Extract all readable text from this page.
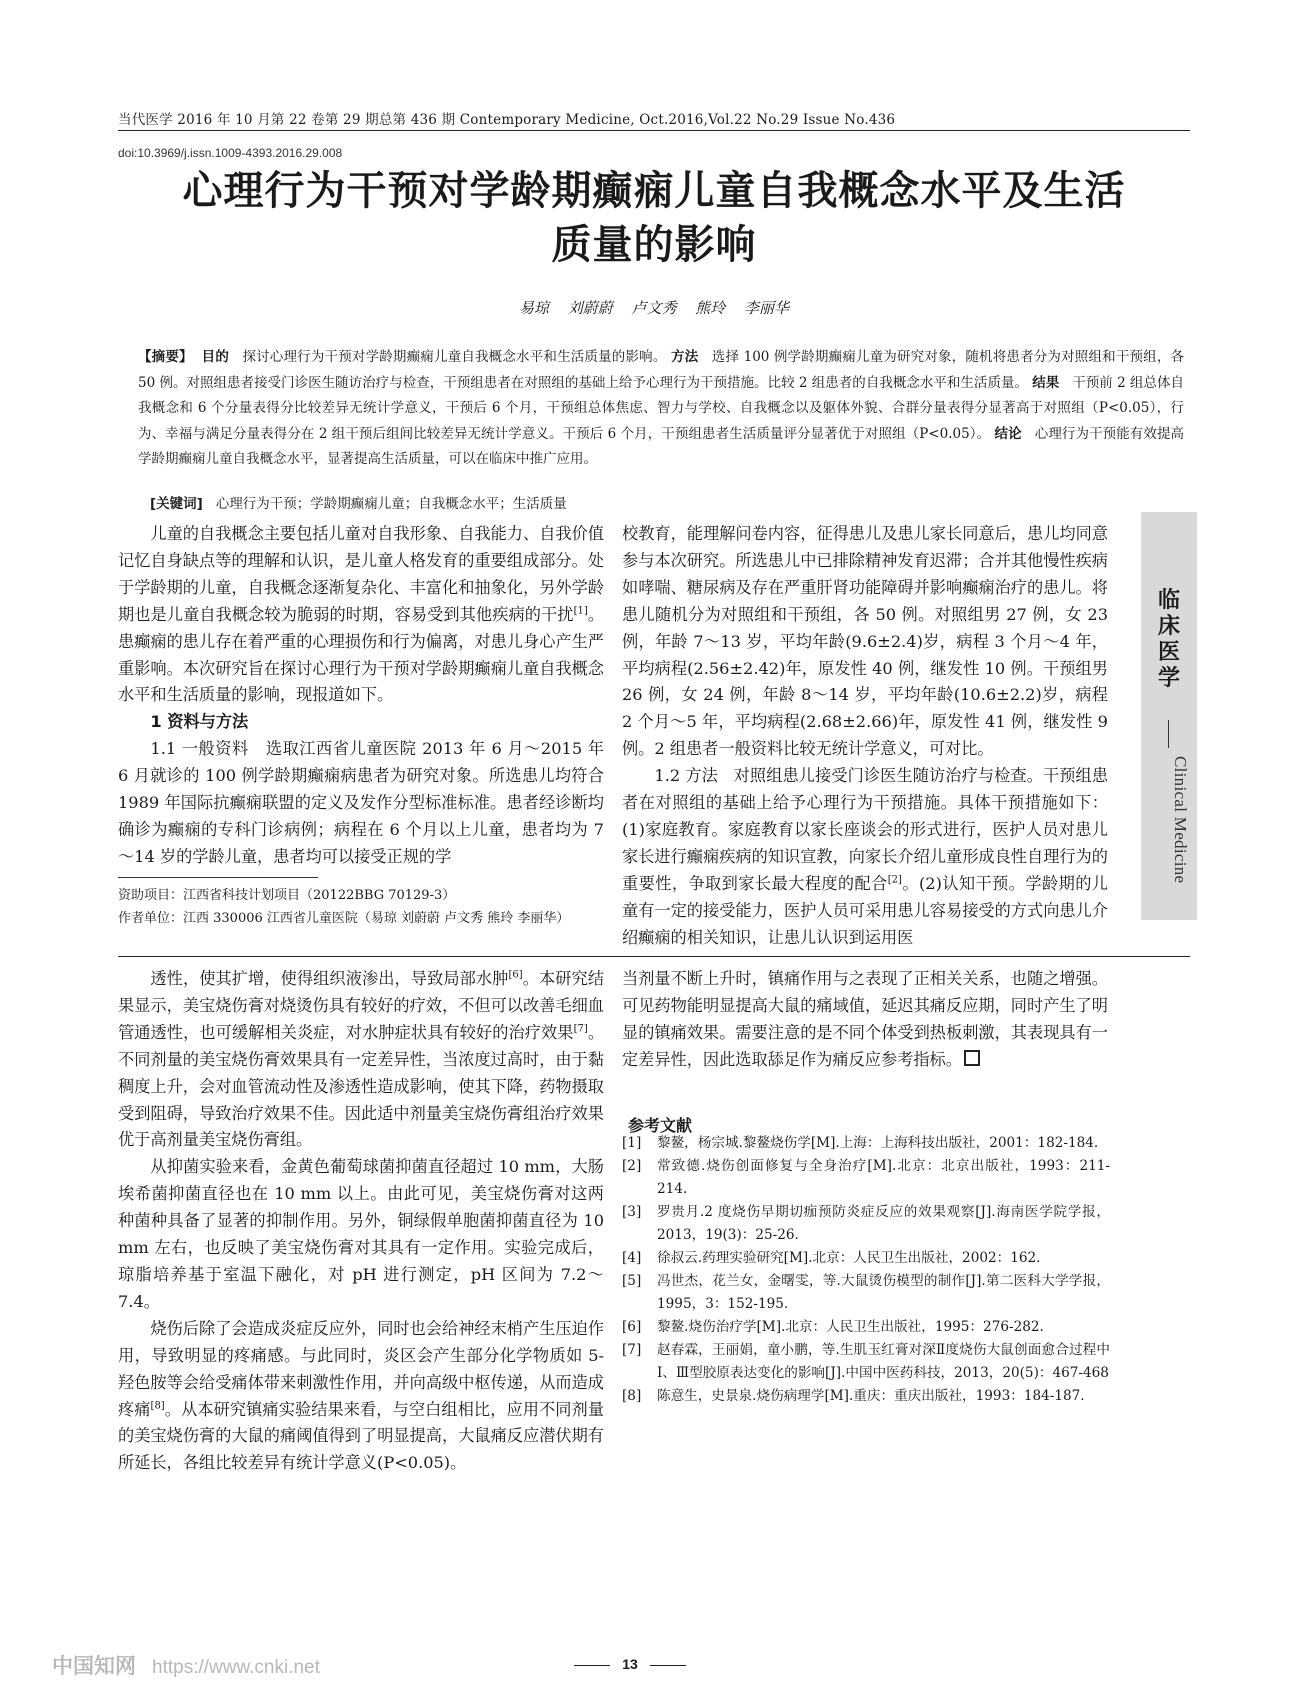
当代医学 2016 年 10 月第 22 卷第 29 期总第 436 期 Contemporary Medicine, Oct.2016,Vol.22 No.29 Issue No.436
doi:10.3969/j.issn.1009-4393.2016.29.008
心理行为干预对学龄期癫痫儿童自我概念水平及生活
质量的影响
易琼 刘蔚蔚 卢文秀 熊玲 李丽华
【摘要】 目的 探讨心理行为干预对学龄期癫痫儿童自我概念水平和生活质量的影响。 方法 选择 100 例学龄期癫痫儿童为研究对象，随机将患者分为对照组和干预组，各 50 例。对照组患者接受门诊医生随访治疗与检查，干预组患者在对照组的基础上给予心理行为干预措施。比较 2 组患者的自我概念水平和生活质量。 结果 干预前 2 组总体自我概念和 6 个分量表得分比较差异无统计学意义，干预后 6 个月，干预组总体焦虑、智力与学校、自我概念以及躯体外貌、合群分量表得分显著高于对照组（P<0.05），行为、幸福与满足分量表得分在 2 组干预后组间比较差异无统计学意义。干预后 6 个月，干预组患者生活质量评分显著优于对照组（P<0.05）。 结论 心理行为干预能有效提高学龄期癫痫儿童自我概念水平，显著提高生活质量，可以在临床中推广应用。
[关键词] 心理行为干预；学龄期癫痫儿童；自我概念水平；生活质量

儿童的自我概念主要包括儿童对自我形象、自我能力、自我价值记忆自身缺点等的理解和认识，是儿童人格发育的重要组成部分。处于学龄期的儿童，自我概念逐渐复杂化、丰富化和抽象化，另外学龄期也是儿童自我概念较为脆弱的时期，容易受到其他疾病的干扰[1]。患癫痫的患儿存在着严重的心理损伤和行为偏离，对患儿身心产生严重影响。本次研究旨在探讨心理行为干预对学龄期癫痫儿童自我概念水平和生活质量的影响，现报道如下。

1 资料与方法

1.1 一般资料 选取江西省儿童医院 2013 年 6 月～2015 年 6 月就诊的 100 例学龄期癫痫病患者为研究对象。所选患儿均符合 1989 年国际抗癫痫联盟的定义及发作分型标准标准。患者经诊断均确诊为癫痫的专科门诊病例；病程在 6 个月以上儿童，患者均为 7～14 岁的学龄儿童，患者均可以接受正规的学

校教育，能理解问卷内容，征得患儿及患儿家长同意后，患儿均同意参与本次研究。所选患儿中已排除精神发育迟滞；合并其他慢性疾病如哮喘、糖尿病及存在严重肝肾功能障碍并影响癫痫治疗的患儿。将患儿随机分为对照组和干预组，各 50 例。对照组男 27 例，女 23 例，年龄 7～13 岁，平均年龄(9.6±2.4)岁，病程 3 个月～4 年，平均病程(2.56±2.42)年，原发性 40 例，继发性 10 例。干预组男 26 例，女 24 例，年龄 8～14 岁，平均年龄(10.6±2.2)岁，病程 2 个月～5 年，平均病程(2.68±2.66)年，原发性 41 例，继发性 9 例。2 组患者一般资料比较无统计学意义，可对比。

1.2 方法 对照组患儿接受门诊医生随访治疗与检查。干预组患者在对照组的基础上给予心理行为干预措施。具体干预措施如下：(1)家庭教育。家庭教育以家长座谈会的形式进行，医护人员对患儿家长进行癫痫疾病的知识宣教，向家长介绍儿童形成良性自理行为的重要性，争取到家长最大程度的配合[2]。(2)认知干预。学龄期的儿童有一定的接受能力，医护人员可采用患儿容易接受的方式向患儿介绍癫痫的相关知识，让患儿认识到运用医

资助项目：江西省科技计划项目（20122BBG 70129-3）

作者单位：江西 330006 江西省儿童医院（易琼 刘蔚蔚 卢文秀 熊玲 李丽华）

临床医学
Clinical Medicine

透性，使其扩增，使得组织液渗出，导致局部水肿[6]。本研究结果显示，美宝烧伤膏对烧烫伤具有较好的疗效，不但可以改善毛细血管通透性，也可缓解相关炎症，对水肿症状具有较好的治疗效果[7]。不同剂量的美宝烧伤膏效果具有一定差异性，当浓度过高时，由于黏稠度上升，会对血管流动性及渗透性造成影响，使其下降，药物摄取受到阻碍，导致治疗效果不佳。因此适中剂量美宝烧伤膏组治疗效果优于高剂量美宝烧伤膏组。

从抑菌实验来看，金黄色葡萄球菌抑菌直径超过 10 mm，大肠埃希菌抑菌直径也在 10 mm 以上。由此可见，美宝烧伤膏对这两种菌种具备了显著的抑制作用。另外，铜绿假单胞菌抑菌直径为 10 mm 左右，也反映了美宝烧伤膏对其具有一定作用。实验完成后，琼脂培养基于室温下融化，对 pH 进行测定，pH 区间为 7.2～7.4。

烧伤后除了会造成炎症反应外，同时也会给神经末梢产生压迫作用，导致明显的疼痛感。与此同时，炎区会产生部分化学物质如 5-羟色胺等会给受痛体带来刺激性作用，并向高级中枢传递，从而造成疼痛[8]。从本研究镇痛实验结果来看，与空白组相比，应用不同剂量的美宝烧伤膏的大鼠的痛阈值得到了明显提高，大鼠痛反应潜伏期有所延长，各组比较差异有统计学意义(P<0.05)。

当剂量不断上升时，镇痛作用与之表现了正相关关系，也随之增强。可见药物能明显提高大鼠的痛域值，延迟其痛反应期，同时产生了明显的镇痛效果。需要注意的是不同个体受到热板刺激，其表现具有一定差异性，因此选取舔足作为痛反应参考指标。

参考文献
[1]	黎鳌，杨宗城.黎鳌烧伤学[M].上海：上海科技出版社，2001：182-184.
[2]	常致德.烧伤创面修复与全身治疗[M].北京：北京出版社，1993：211-214.
[3]	罗贵月.2 度烧伤早期切痂预防炎症反应的效果观察[J].海南医学院学报，2013，19(3)：25-26.
[4]	徐叔云.药理实验研究[M].北京：人民卫生出版社，2002：162.
[5]	冯世杰，花兰女，金曙雯，等.大鼠烫伤模型的制作[J].第二医科大学学报，1995，3：152-195.
[6]	黎鳌.烧伤治疗学[M].北京：人民卫生出版社，1995：276-282.
[7]	赵春霖，王丽娟，童小鹏，等.生肌玉红膏对深Ⅱ度烧伤大鼠创面愈合过程中Ⅰ、Ⅲ型胶原表达变化的影响[J].中国中医药科技，2013，20(5)：467-468
[8]	陈意生，史景泉.烧伤病理学[M].重庆：重庆出版社，1993：184-187.
13
中国知网 https://www.cnki.net
